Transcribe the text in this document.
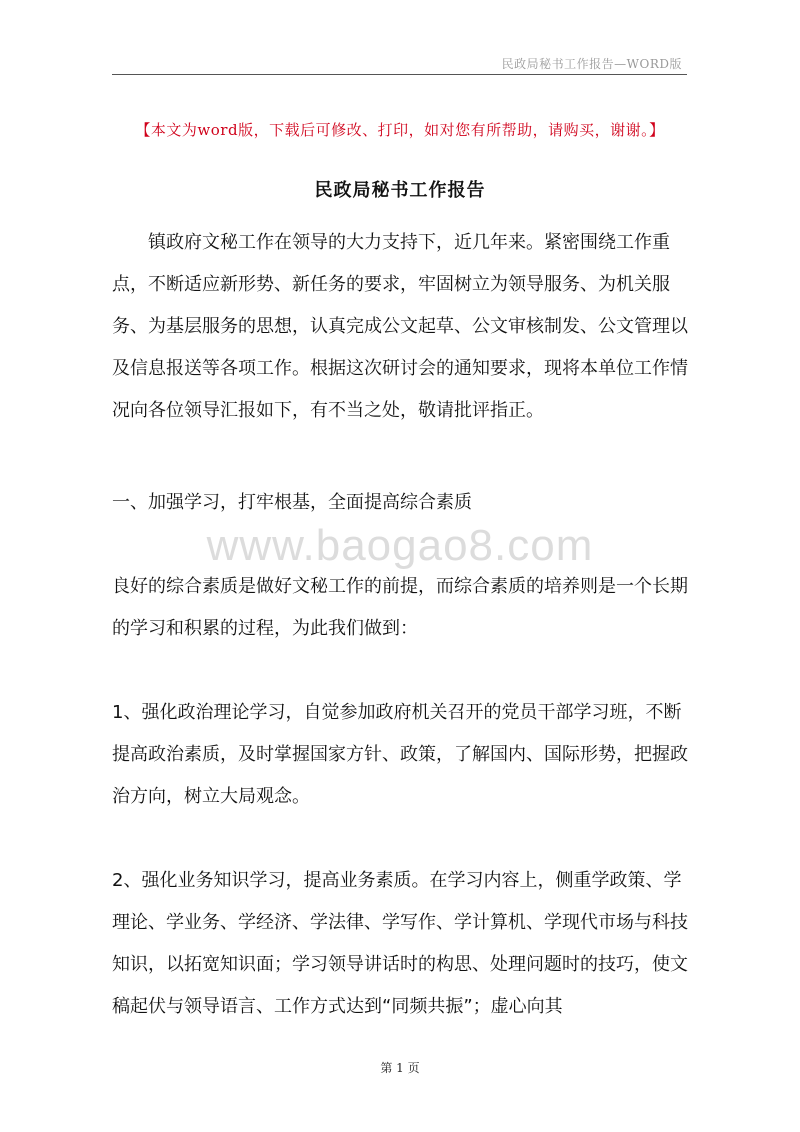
民政局秘书工作报告—WORD版
【本文为word版，下载后可修改、打印，如对您有所帮助，请购买，谢谢。】
民政局秘书工作报告

镇政府文秘工作在领导的大力支持下，近几年来。紧密围绕工作重点，不断适应新形势、新任务的要求，牢固树立为领导服务、为机关服务、为基层服务的思想，认真完成公文起草、公文审核制发、公文管理以及信息报送等各项工作。根据这次研讨会的通知要求，现将本单位工作情况向各位领导汇报如下，有不当之处，敬请批评指正。

一、加强学习，打牢根基，全面提高综合素质

www.baogao8.com

良好的综合素质是做好文秘工作的前提，而综合素质的培养则是一个长期的学习和积累的过程，为此我们做到：

1、强化政治理论学习，自觉参加政府机关召开的党员干部学习班，不断提高政治素质，及时掌握国家方针、政策，了解国内、国际形势，把握政治方向，树立大局观念。

2、强化业务知识学习，提高业务素质。在学习内容上，侧重学政策、学理论、学业务、学经济、学法律、学写作、学计算机、学现代市场与科技知识，以拓宽知识面；学习领导讲话时的构思、处理问题时的技巧，使文稿起伏与领导语言、工作方式达到“同频共振”；虚心向其

第 1 页
